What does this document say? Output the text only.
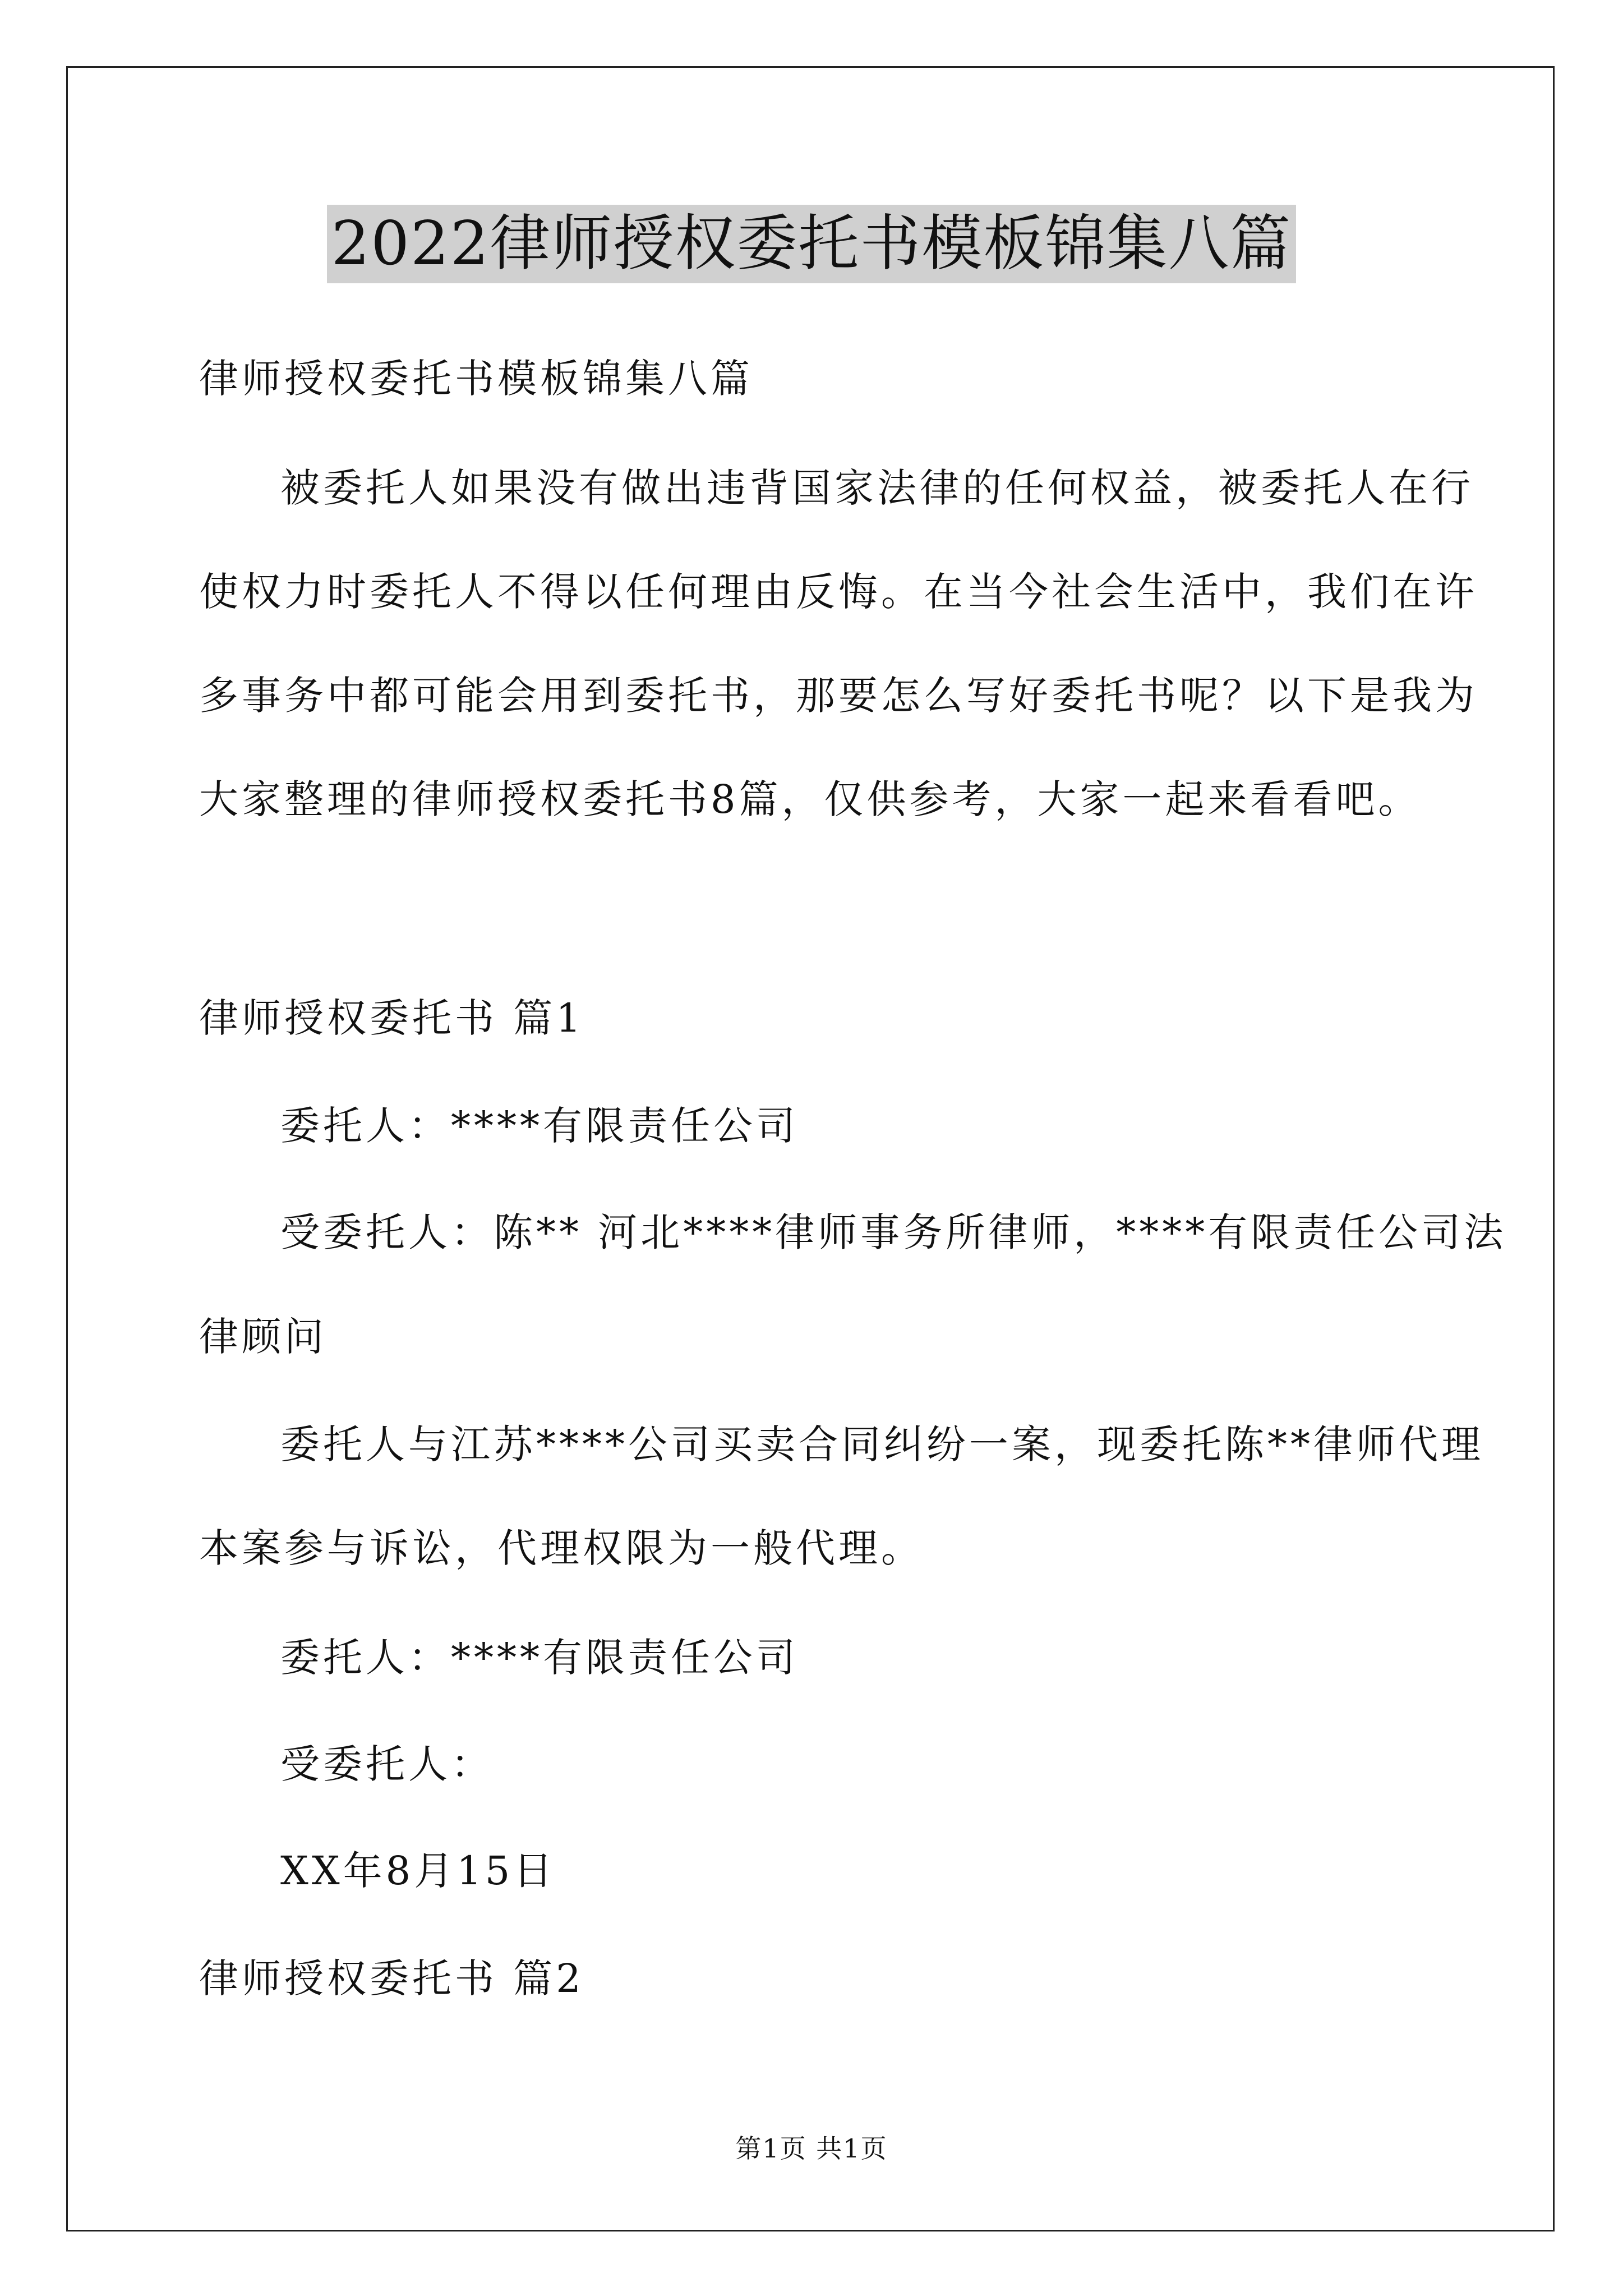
2022律师授权委托书模板锦集八篇
律师授权委托书模板锦集八篇
被委托人如果没有做出违背国家法律的任何权益，被委托人在行
使权力时委托人不得以任何理由反悔。在当今社会生活中，我们在许
多事务中都可能会用到委托书，那要怎么写好委托书呢？以下是我为
大家整理的律师授权委托书8篇，仅供参考，大家一起来看看吧。
律师授权委托书 篇1
委托人：****有限责任公司
受委托人：陈** 河北****律师事务所律师，****有限责任公司法
律顾问
委托人与江苏****公司买卖合同纠纷一案，现委托陈**律师代理
本案参与诉讼，代理权限为一般代理。
委托人：****有限责任公司
受委托人：
XX年8月15日
律师授权委托书 篇2
第1页 共1页
